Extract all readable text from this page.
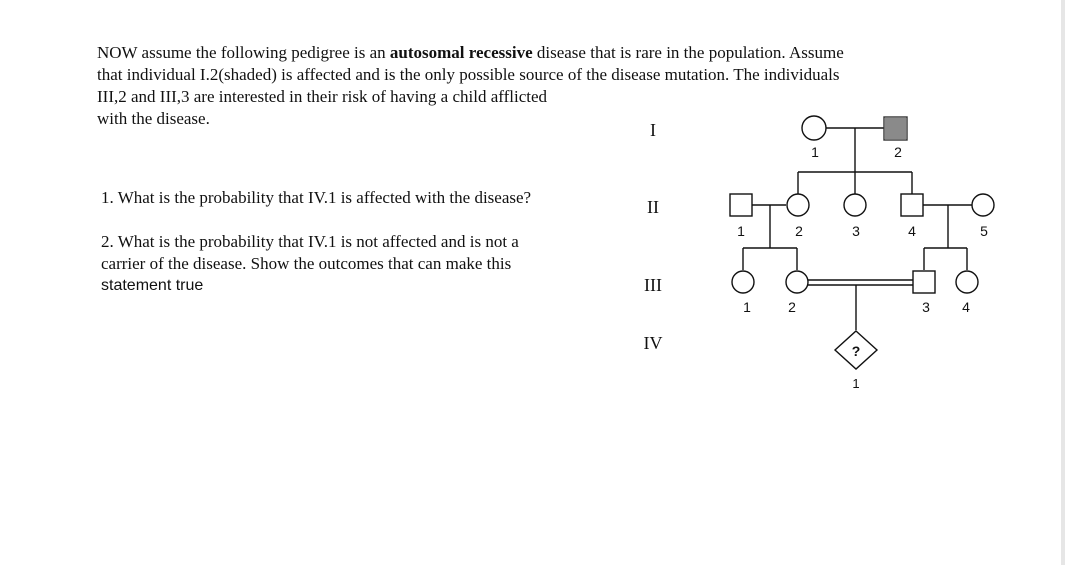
NOW assume the following pedigree is an autosomal recessive disease that is rare in the population. Assume
that individual I.2(shaded) is affected and is the only possible source of the disease mutation. The individuals
III,2 and III,3 are interested in their risk of having a child afflicted
with the disease.

1. What is the probability that IV.1 is affected with the disease?

2. What is the probability that IV.1 is not affected and is not a
carrier of the disease. Show the outcomes that can make this
statement true
I
II
III
IV
1	2
1	2	3	4	5
1	2	3 4
?
1
